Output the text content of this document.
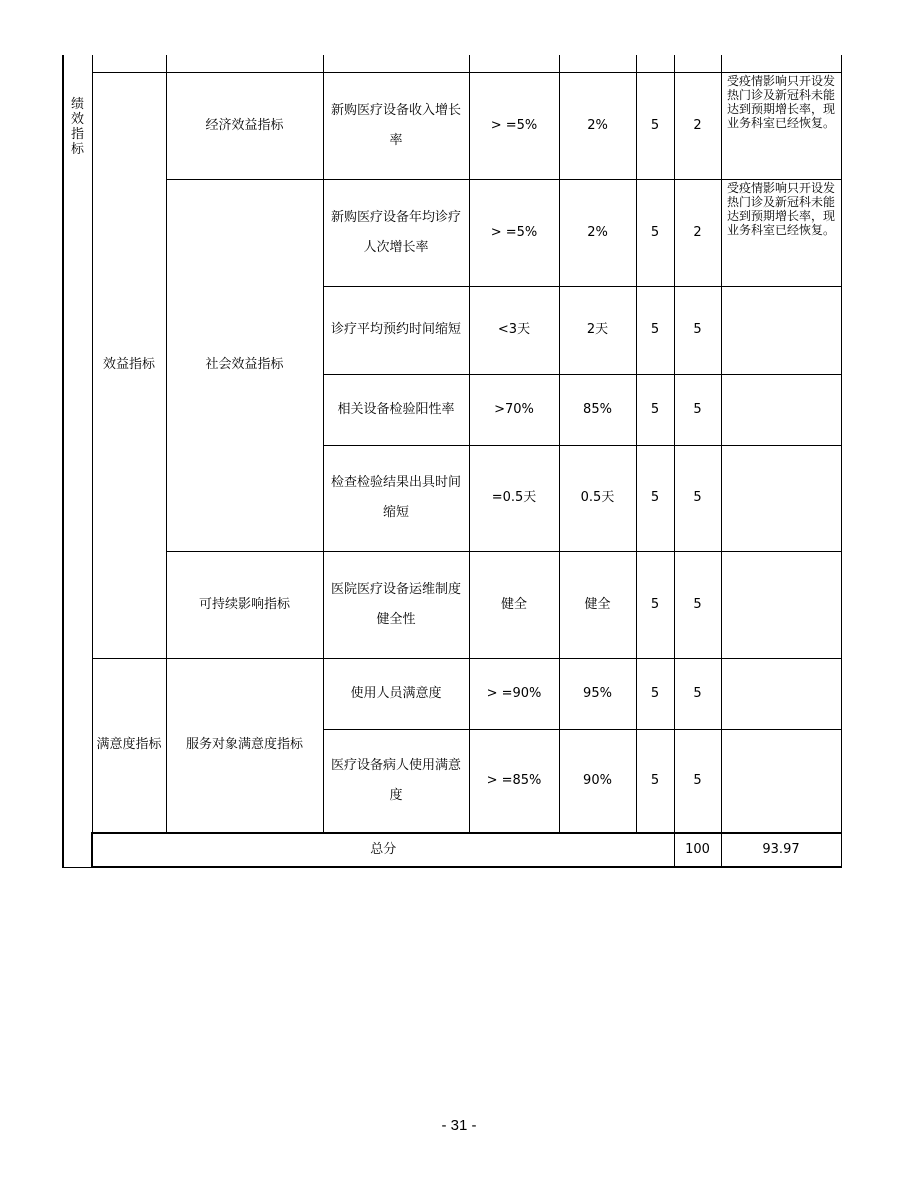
绩
效
指
标									

	效益指标	经济效益指标	新购医疗设备收入增长率	> =5%	2%	5	2	受疫情影响只开设发热门诊及新冠科未能达到预期增长率，现业务科室已经恢复。	
		社会效益指标	新购医疗设备年均诊疗人次增长率	> =5%	2%	5	2	受疫情影响只开设发热门诊及新冠科未能达到预期增长率，现业务科室已经恢复。	
			诊疗平均预约时间缩短	<3天	2天	5	5		
			相关设备检验阳性率	>70%	85%	5	5		
			检查检验结果出具时间缩短	=0.5天	0.5天	5	5		
		可持续影响指标	医院医疗设备运维制度健全性	健全	健全	5	5		
	满意度指标	服务对象满意度指标	使用人员满意度	> =90%	95%	5	5		
			医疗设备病人使用满意度	> =85%	90%	5	5		
	总分						100	93.97	
- 31 -
